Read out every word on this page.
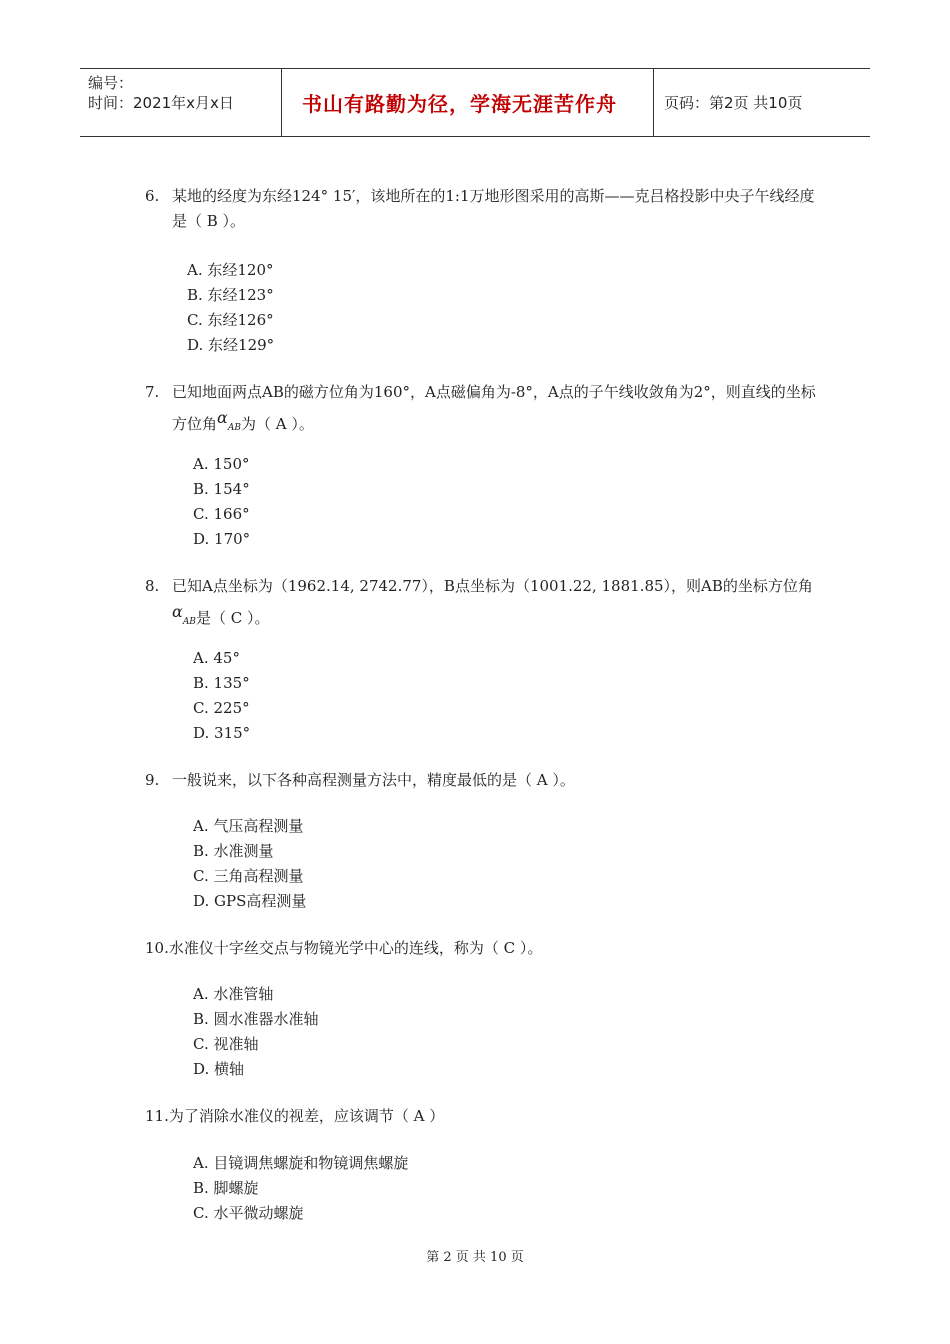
编号：
时间：2021年x月x日	书山有路勤为径，学海无涯苦作舟	页码：第2页 共10页
6. 某地的经度为东经124° 15′，该地所在的1:1万地形图采用的高斯——克吕格投影中央子午线经度是（ B ）。
A. 东经120°
B. 东经123°
C. 东经126°
D. 东经129°
7. 已知地面两点AB的磁方位角为160°，A点磁偏角为-8°，A点的子午线收敛角为2°，则直线的坐标方位角αAB为（ A ）。
A. 150°
B. 154°
C. 166°
D. 170°
8. 已知A点坐标为（1962.14, 2742.77），B点坐标为（1001.22, 1881.85），则AB的坐标方位角αAB是（ C ）。
A. 45°
B. 135°
C. 225°
D. 315°
9. 一般说来，以下各种高程测量方法中，精度最低的是（ A ）。
A. 气压高程测量
B. 水准测量
C. 三角高程测量
D. GPS高程测量
10. 水准仪十字丝交点与物镜光学中心的连线，称为（ C ）。
A. 水准管轴
B. 圆水准器水准轴
C. 视准轴
D. 横轴
11. 为了消除水准仪的视差，应该调节（ A ）
A. 目镜调焦螺旋和物镜调焦螺旋
B. 脚螺旋
C. 水平微动螺旋
第 2 页 共 10 页
